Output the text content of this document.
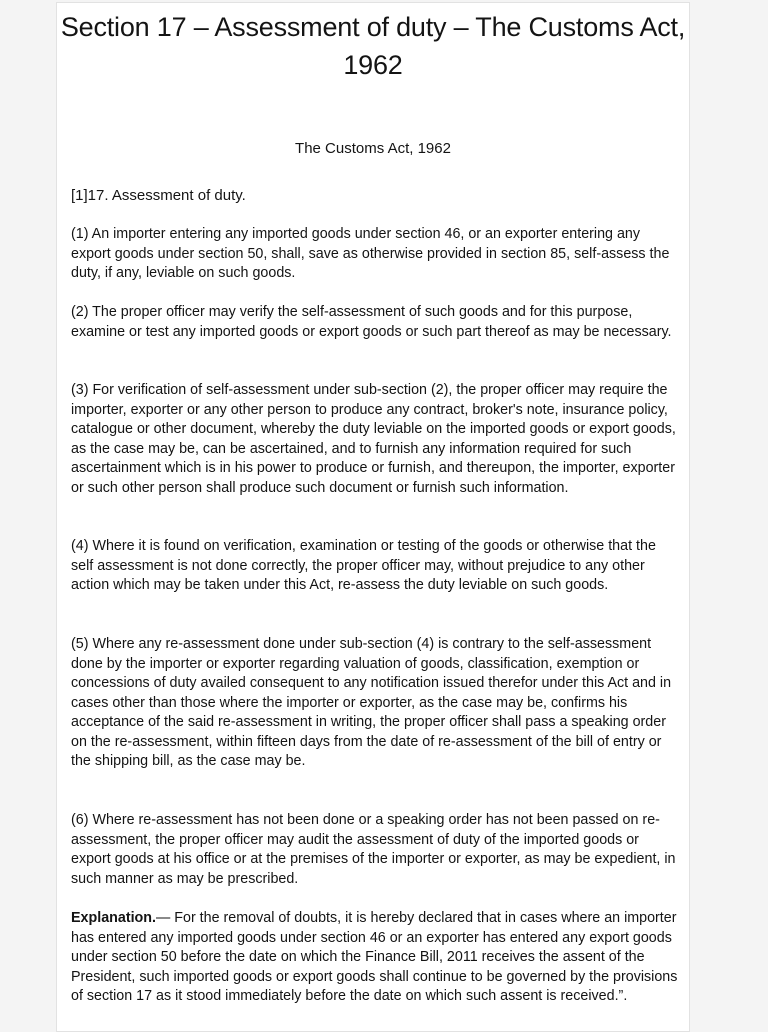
Section 17 – Assessment of duty – The Customs Act, 1962

The Customs Act, 1962

[1]17. Assessment of duty.

(1) An importer entering any imported goods under section 46, or an exporter entering any export goods under section 50, shall, save as otherwise provided in section 85, self-assess the duty, if any, leviable on such goods.

(2) The proper officer may verify the self-assessment of such goods and for this purpose, examine or test any imported goods or export goods or such part thereof as may be necessary.

(3) For verification of self-assessment under sub-section (2), the proper officer may require the importer, exporter or any other person to produce any contract, broker's note, insurance policy, catalogue or other document, whereby the duty leviable on the imported goods or export goods, as the case may be, can be ascertained, and to furnish any information required for such ascertainment which is in his power to produce or furnish, and thereupon, the importer, exporter or such other person shall produce such document or furnish such information.

(4) Where it is found on verification, examination or testing of the goods or otherwise that the self assessment is not done correctly, the proper officer may, without prejudice to any other action which may be taken under this Act, re-assess the duty leviable on such goods.

(5) Where any re-assessment done under sub-section (4) is contrary to the self-assessment done by the importer or exporter regarding valuation of goods, classification, exemption or concessions of duty availed consequent to any notification issued therefor under this Act and in cases other than those where the importer or exporter, as the case may be, confirms his acceptance of the said re-assessment in writing, the proper officer shall pass a speaking order on the re-assessment, within fifteen days from the date of re-assessment of the bill of entry or the shipping bill, as the case may be.

(6) Where re-assessment has not been done or a speaking order has not been passed on re-assessment, the proper officer may audit the assessment of duty of the imported goods or export goods at his office or at the premises of the importer or exporter, as may be expedient, in such manner as may be prescribed.

Explanation.— For the removal of doubts, it is hereby declared that in cases where an importer has entered any imported goods under section 46 or an exporter has entered any export goods under section 50 before the date on which the Finance Bill, 2011 receives the assent of the President, such imported goods or export goods shall continue to be governed by the provisions of section 17 as it stood immediately before the date on which such assent is received.”.
